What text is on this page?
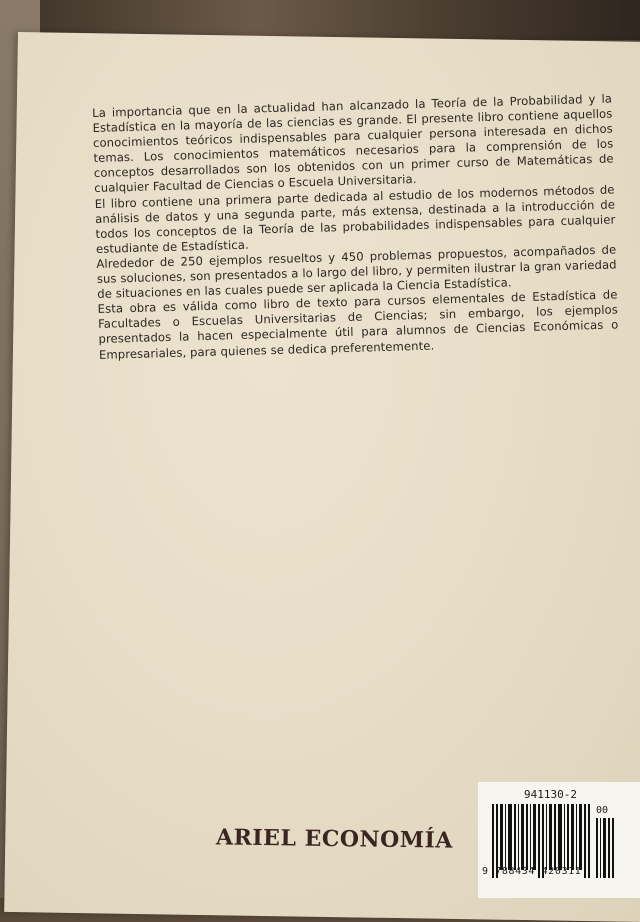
La importancia que en la actualidad han alcanzado la Teoría de la Probabilidad y la Estadística en la mayoría de las ciencias es grande. El presente libro contiene aquellos conocimientos teóricos indispensables para cualquier persona interesada en dichos temas. Los conocimientos matemáticos necesarios para la comprensión de los conceptos desarrollados son los obtenidos con un primer curso de Matemáticas de cualquier Facultad de Ciencias o Escuela Universitaria.
El libro contiene una primera parte dedicada al estudio de los modernos métodos de análisis de datos y una segunda parte, más extensa, destinada a la introducción de todos los conceptos de la Teoría de las probabilidades indispensables para cualquier estudiante de Estadística.
Alrededor de 250 ejemplos resueltos y 450 problemas propuestos, acompañados de sus soluciones, son presentados a lo largo del libro, y permiten ilustrar la gran variedad de situaciones en las cuales puede ser aplicada la Ciencia Estadística.
Esta obra es válida como libro de texto para cursos elementales de Estadística de Facultades o Escuelas Universitarias de Ciencias; sin embargo, los ejemplos presentados la hacen especialmente útil para alumnos de Ciencias Económicas o Empresariales, para quienes se dedica preferentemente.

ARIEL ECONOMÍA

941130-2

00

9 788434 420311
